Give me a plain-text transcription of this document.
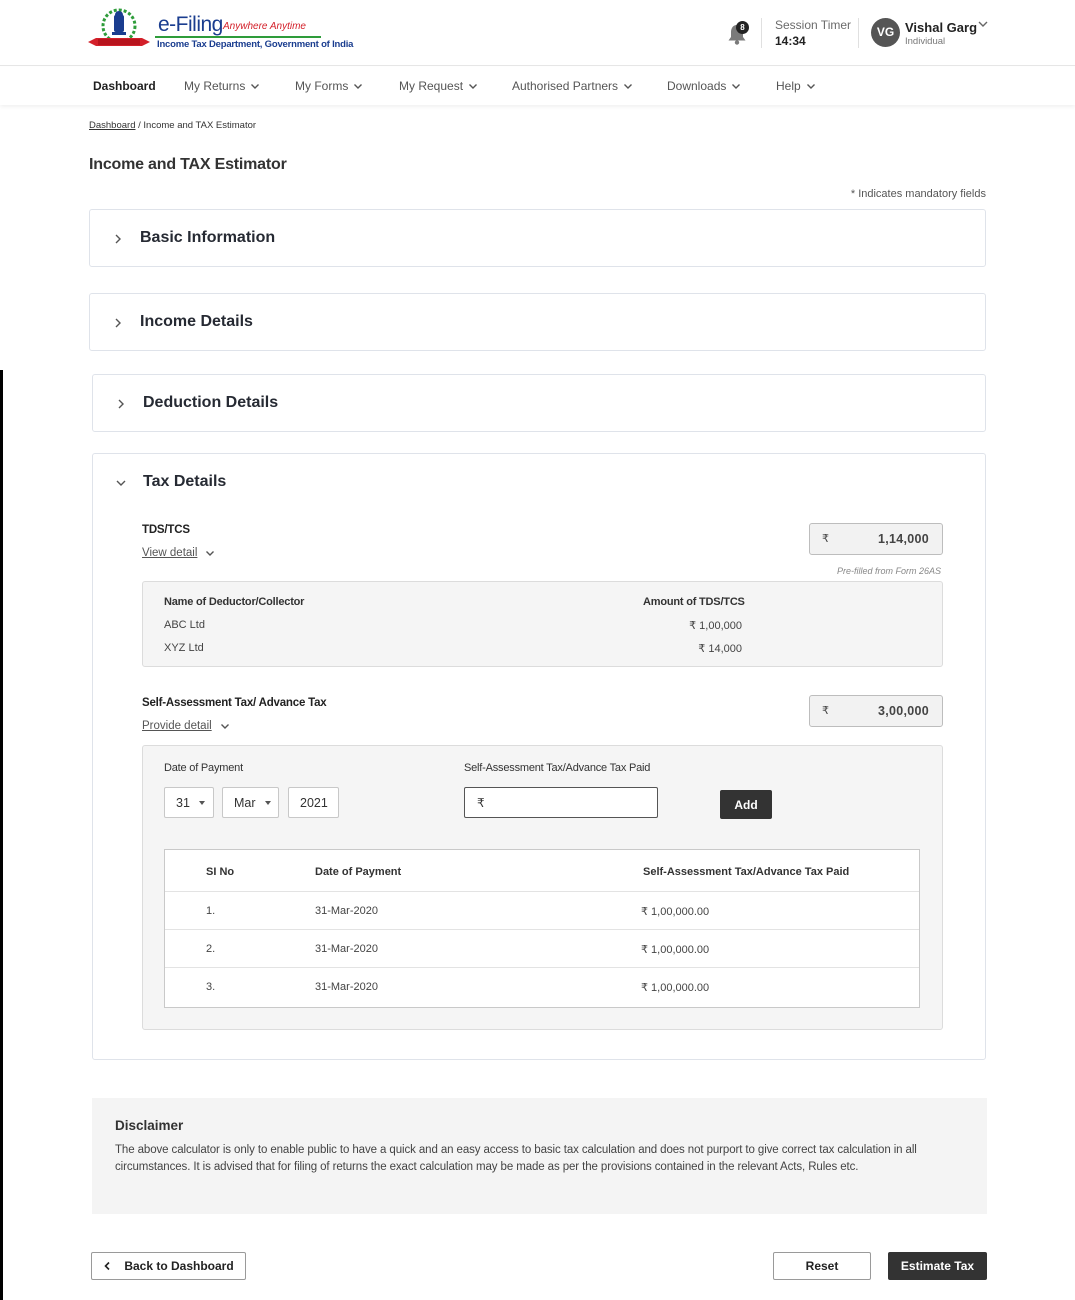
e-Filing Anywhere Anytime
Income Tax Department, Government of India
8	Session Timer
14:34
VG Vishal Garg
Individual
Dashboard My Returns	My Forms	My Request	Authorised Partners	Downloads	Help
Dashboard / Income and TAX Estimator
Income and TAX Estimator
* Indicates mandatory fields
Basic Information
Income Details
Deduction Details
Tax Details
TDS/TCS
View detail
₹	1,14,000
Pre-filled from Form 26AS
Name of Deductor/Collector	Amount of TDS/TCS
ABC Ltd	₹ 1,00,000
XYZ Ltd	₹ 14,000
Self-Assessment Tax/ Advance Tax
Provide detail
₹	3,00,000
Date of Payment
31	Mar	2021
Self-Assessment Tax/Advance Tax Paid
₹	Add
SI No	Date of Payment	Self-Assessment Tax/Advance Tax Paid
1.	31-Mar-2020	₹ 1,00,000.00
2.	31-Mar-2020	₹ 1,00,000.00
3.	31-Mar-2020	₹ 1,00,000.00
Disclaimer

The above calculator is only to enable public to have a quick and an easy access to basic tax calculation and does not purport to give correct tax calculation in all circumstances. It is advised that for filing of returns the exact calculation may be made as per the provisions contained in the relevant Acts, Rules etc.

Back to Dashboard	Reset	Estimate Tax
